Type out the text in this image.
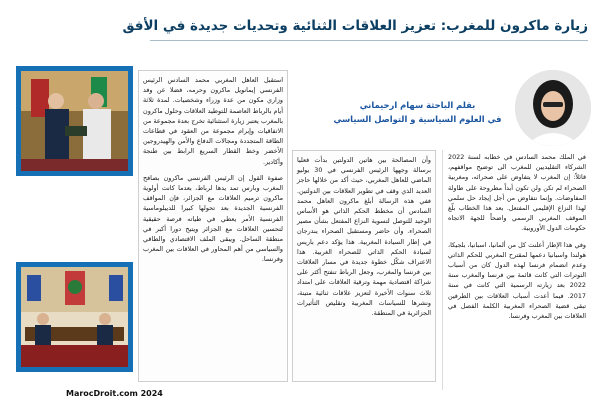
زيارة ماكرون للمغرب: تعزيز العلاقات الثنائية وتحديات جديدة في الأفق
بقلم الباحثة سهام ارحيماني
في العلوم السياسية و التواصل السياسي

في الملك محمد السادس في خطابه لسنة 2022 الشركاء التقليديين للمغرب الى توضيح مواقفهم، قائلاً: إن المغرب لا يتفاوض على صحرائه، ومغربية الصحراء لم تكن ولن تكون أبداً مطروحة على طاولة المفاوضات. وإنما نتفاوض من أجل إيجاد حل سلمي لهذا النزاع الإقليمي المفتعل. بعد هذا الخطاب بلّغ الموقف المغربي الرسمي واضحاً للجهة الاتجاه حكومات الدول الأوروبية.

وفي هذا الإطار أعلنت كل من ألمانيا، اسبانيا، بلجيكا، هولندا واسبانيا دعمها لمقترح المغربي للحكم الذاتي وعدم انضمام فرنسا لهذه الدول كان من أسباب التوترات التي كانت قائمة بين فرنسا والمغرب سنة 2022 بعد زيارته الرسمية التي كانت في سنة 2017. فيما أعدت أسباب العلاقات بين الطرفين تبقى قضية الصحراء المغربية الكلمة الفصل في العلاقات بين المغرب وفرنسا.

وأن المصالحة بين هاتين الدولتين بدأت فعليا برسالة وجهها الرئيس الفرنسي في 30 يوليو الماضي للعاهل المغربي، حيث أكد من خلالها حاجز العديد الذي وقف في تطوير العلاقات بين الدولتين. ففي هذه الرسالة أبلغ ماكرون العاهل محمد السادس أن مخطط الحكم الذاتي هو الأساس الوحيد للتوصل لتسوية النزاع المفتعل بشأن مصير الصحراء. وأن حاضر ومستقبل الصحراء يندرجان في إطار السيادة المغربية. هذا يؤكد دعم باريس لسيادة الحكم الذاتي للصحراء الغربية. هذا الاعتراف شكّل خطوة جديدة في مسار العلاقات بين فرنسا والمغرب، وجعل الرباط تنفتح أكثر على شراكة اقتصادية مهمة وترقية العلاقات على امتداد ثلاث سنوات الأخيرة لتعزيز علاقات ثنائية متينة، ونشرها للسياسات المغربية وتقليص التأثيرات الجزائرية في المنطقة.

استقبل العاهل المغربي محمد السادس الرئيس الفرنسي إيمانويل ماكرون وحرمه، فضلا عن وفد وزاري مكون من عدة وزراء وشخصيات. لمدة ثلاثة أيام بالرباط العاصمة للتوطيد العلاقات وحلول ماكرون بالمغرب يعتبر زيارة استثنائية تخرج بعدة مجموعة من الاتفاقيات وإبرام مجموعة من العقود في قطاعات الطاقة المتجددة ومجالات الدفاع والأمن والهيدروجين الأخضر وخط القطار السريع الرابط بين طنجة وأكادير.

صفوة القول إن الرئيس الفرنسي ماكرون بصافح المغرب وبارس تمد يدها لرباط، بعدما كانت أولوية ماكرون ترميم العلاقات مع الجزائر، فإن المواقف الفرنسية الجديدة بعد تحولها كبيرا للديبلوماسية الفرنسية الأمر يعطي في طياته فرصة حقيقية لتحسين العلاقات مع الجزائر ويتيح دورا أكبر في منطقة الساحل. ويبقى الملف الاقتصادي والطاقي والسياسي من أهم المحاور في العلاقات بين المغرب وفرنسا.

MarocDroit.com 2024
